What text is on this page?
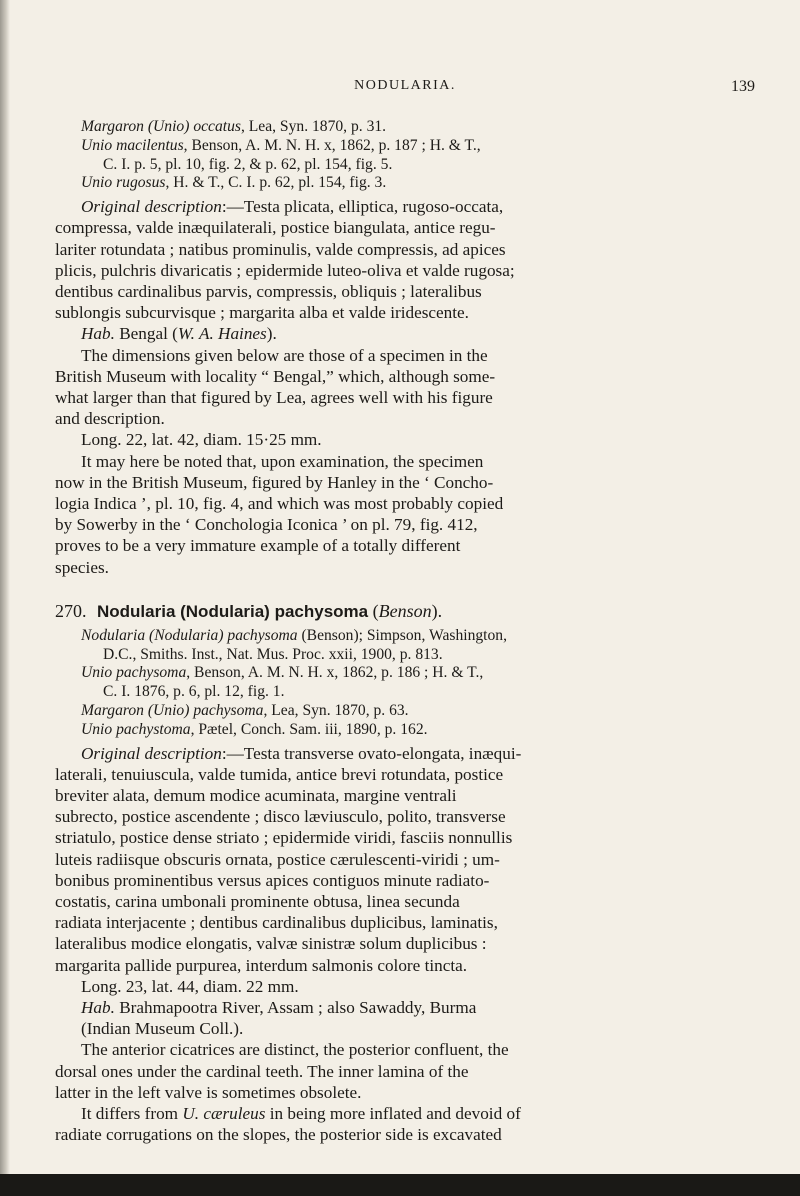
NODULARIA.	139

Margaron (Unio) occatus, Lea, Syn. 1870, p. 31.

Unio macilentus, Benson, A. M. N. H. x, 1862, p. 187 ; H. & T.,

C. I. p. 5, pl. 10, fig. 2, & p. 62, pl. 154, fig. 5.

Unio rugosus, H. & T., C. I. p. 62, pl. 154, fig. 3.

Original description:—Testa plicata, elliptica, rugoso-occata,
compressa, valde inæquilaterali, postice biangulata, antice regu-
lariter rotundata ; natibus prominulis, valde compressis, ad apices
plicis, pulchris divaricatis ; epidermide luteo-oliva et valde rugosa;
dentibus cardinalibus parvis, compressis, obliquis ; lateralibus
sublongis subcurvisque ; margarita alba et valde iridescente.

Hab. Bengal (W. A. Haines).

The dimensions given below are those of a specimen in the
British Museum with locality “ Bengal,” which, although some-
what larger than that figured by Lea, agrees well with his figure
and description.

Long. 22, lat. 42, diam. 15·25 mm.

It may here be noted that, upon examination, the specimen
now in the British Museum, figured by Hanley in the ‘ Concho-
logia Indica ’, pl. 10, fig. 4, and which was most probably copied
by Sowerby in the ‘ Conchologia Iconica ’ on pl. 79, fig. 412,
proves to be a very immature example of a totally different
species.

270. Nodularia (Nodularia) pachysoma (Benson).

Nodularia (Nodularia) pachysoma (Benson); Simpson, Washington,

D.C., Smiths. Inst., Nat. Mus. Proc. xxii, 1900, p. 813.

Unio pachysoma, Benson, A. M. N. H. x, 1862, p. 186 ; H. & T.,

C. I. 1876, p. 6, pl. 12, fig. 1.

Margaron (Unio) pachysoma, Lea, Syn. 1870, p. 63.

Unio pachystoma, Pætel, Conch. Sam. iii, 1890, p. 162.

Original description:—Testa transverse ovato-elongata, inæqui-
laterali, tenuiuscula, valde tumida, antice brevi rotundata, postice
breviter alata, demum modice acuminata, margine ventrali
subrecto, postice ascendente ; disco læviusculo, polito, transverse
striatulo, postice dense striato ; epidermide viridi, fasciis nonnullis
luteis radiisque obscuris ornata, postice cærulescenti-viridi ; um-
bonibus prominentibus versus apices contiguos minute radiato-
costatis, carina umbonali prominente obtusa, linea secunda
radiata interjacente ; dentibus cardinalibus duplicibus, laminatis,
lateralibus modice elongatis, valvæ sinistræ solum duplicibus :
margarita pallide purpurea, interdum salmonis colore tincta.

Long. 23, lat. 44, diam. 22 mm.

Hab. Brahmapootra River, Assam ; also Sawaddy, Burma
(Indian Museum Coll.).

The anterior cicatrices are distinct, the posterior confluent, the
dorsal ones under the cardinal teeth. The inner lamina of the
latter in the left valve is sometimes obsolete.

It differs from U. cæruleus in being more inflated and devoid of
radiate corrugations on the slopes, the posterior side is excavated
